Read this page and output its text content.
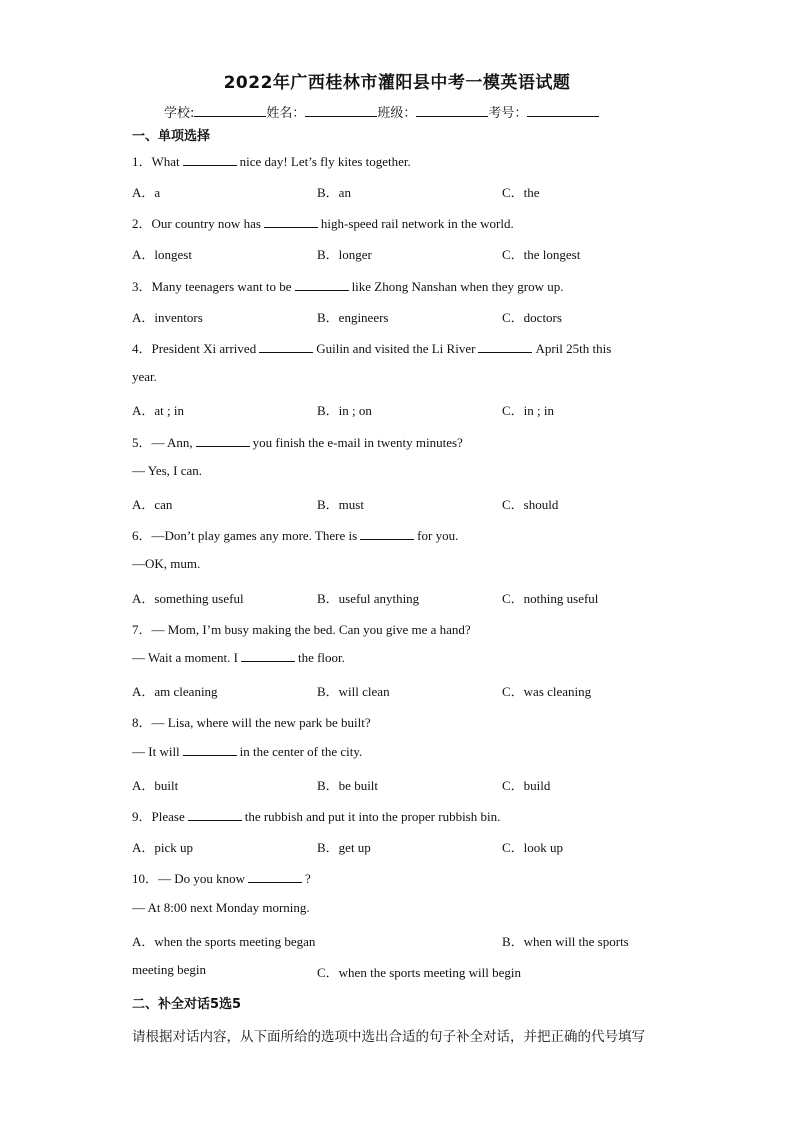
2022年广西桂林市灌阳县中考一模英语试题
学校:	姓名：	班级：	考号：
一、单项选择
1．What	nice day! Let’s fly kites together.
A．a	B．an	C．the
2．Our country now has	high-speed rail network in the world.
A．longest	B．longer	C．the longest
3．Many teenagers want to be	like Zhong Nanshan when they grow up.
A．inventors	B．engineers	C．doctors
4．President Xi arrived	Guilin and visited the Li River	April 25th this
year.
A．at ; in	B．in ; on	C．in ; in
5．— Ann,	you finish the e-mail in twenty minutes?
— Yes, I can.
A．can	B．must	C．should
6．—Don’t play games any more. There is	for you.
—OK, mum.
A．something useful	B．useful anything	C．nothing useful
7．— Mom, I’m busy making the bed. Can you give me a hand?
— Wait a moment. I	the floor.
A．am cleaning	B．will clean	C．was cleaning
8．— Lisa, where will the new park be built?
— It will	in the center of the city.
A．built	B．be built	C．build
9．Please	the rubbish and put it into the proper rubbish bin.
A．pick up	B．get up	C．look up
10．— Do you know	?
— At 8:00 next Monday morning.
A．when the sports meeting began	B．when will the sports
meeting begin	C．when the sports meeting will begin
二、补全对话5选5
请根据对话内容，从下面所给的选项中选出合适的句子补全对话，并把正确的代号填写
